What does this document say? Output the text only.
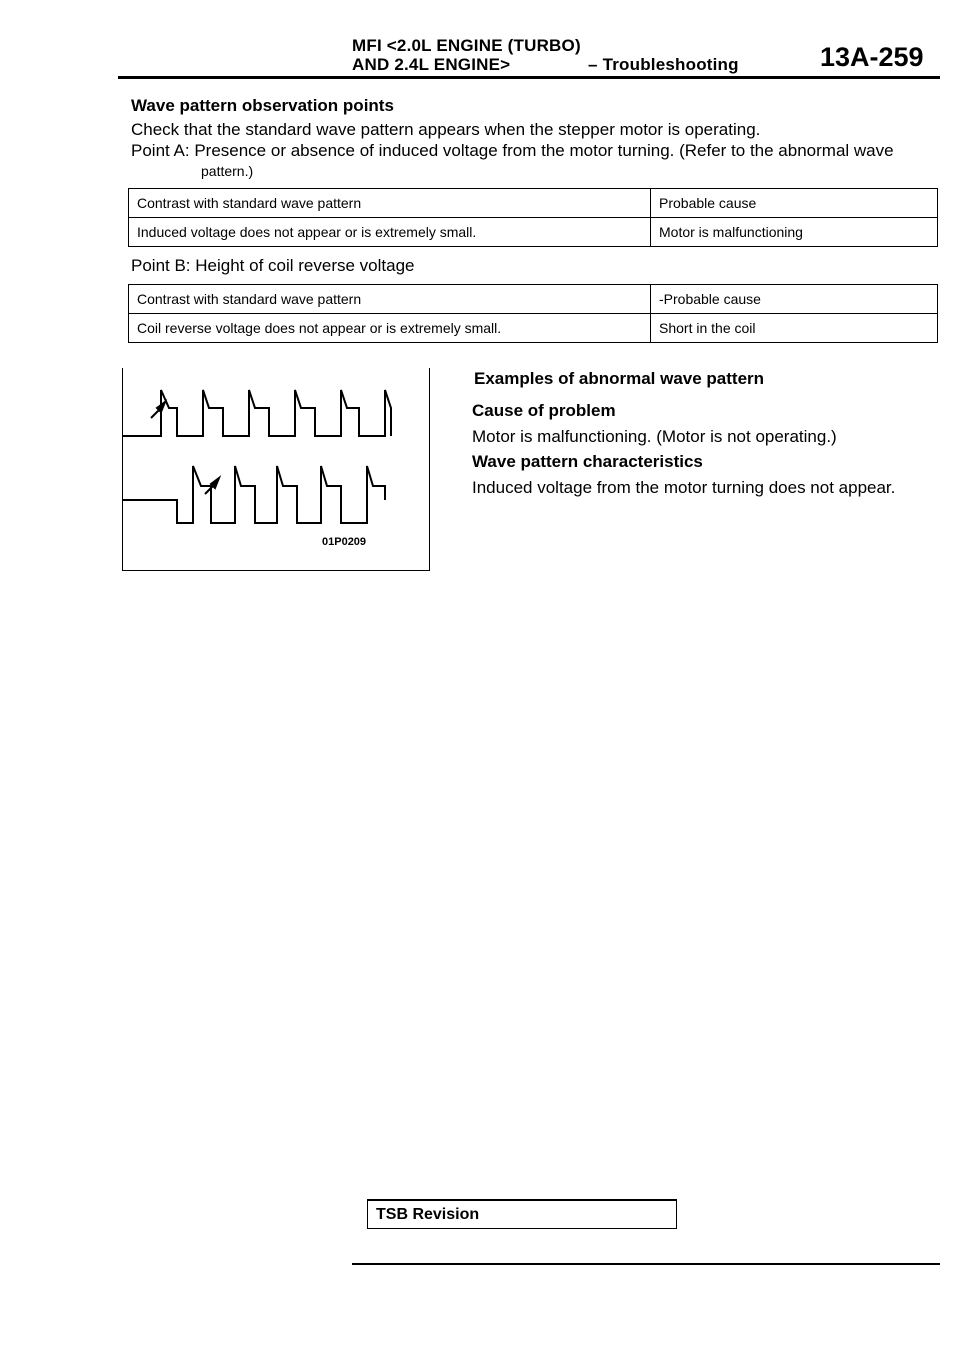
MFI <2.0L ENGINE (TURBO)
AND 2.4L ENGINE>	– Troubleshooting	13A-259
Wave pattern observation points
Check that the standard wave pattern appears when the stepper motor is operating.
Point A: Presence or absence of induced voltage from the motor turning. (Refer to the abnormal wave
pattern.)
Contrast with standard wave pattern	Probable cause
Induced voltage does not appear or is extremely small.	Motor is malfunctioning
Point B: Height of coil reverse voltage
Contrast with standard wave pattern	-Probable cause
Coil reverse voltage does not appear or is extremely small.	Short in the coil
01P0209
Examples of abnormal wave pattern
Cause of problem
Motor is malfunctioning. (Motor is not operating.)
Wave pattern characteristics
Induced voltage from the motor turning does not appear.
TSB Revision
